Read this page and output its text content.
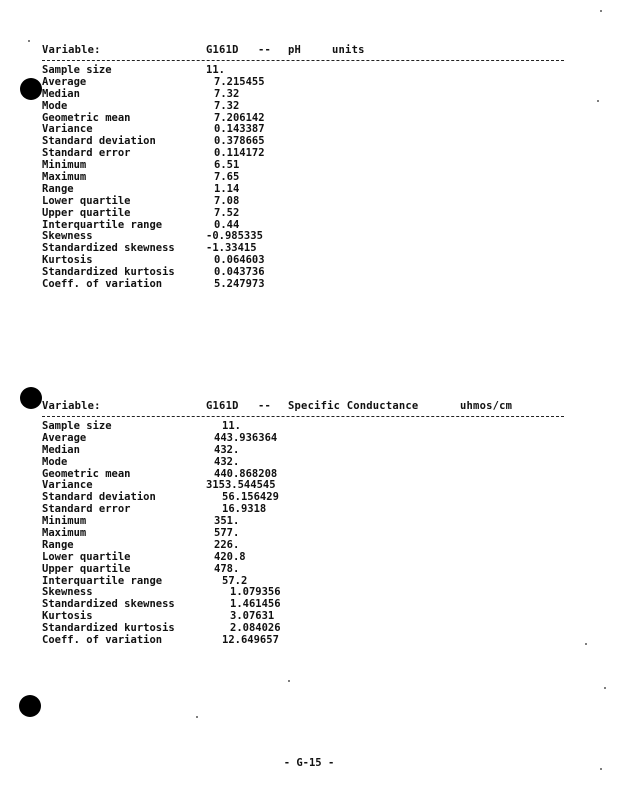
Variable:	G161D -- pH	units
Sample size	11.
Average	7.215455
Median	7.32
Mode	7.32
Geometric mean	7.206142
Variance	0.143387
Standard deviation	0.378665
Standard error	0.114172
Minimum	6.51
Maximum	7.65
Range	1.14
Lower quartile	7.08
Upper quartile	7.52
Interquartile range	0.44
Skewness	-0.985335
Standardized skewness	-1.33415
Kurtosis	0.064603
Standardized kurtosis	0.043736
Coeff. of variation	5.247973
Variable:	G161D -- Specific Conductance	uhmos/cm
Sample size	11.
Average	443.936364
Median	432.
Mode	432.
Geometric mean	440.868208
Variance	3153.544545
Standard deviation	56.156429
Standard error	16.9318
Minimum	351.
Maximum	577.
Range	226.
Lower quartile	420.8
Upper quartile	478.
Interquartile range	57.2
Skewness	1.079356
Standardized skewness	1.461456
Kurtosis	3.07631
Standardized kurtosis	2.084026
Coeff. of variation	12.649657
- G-15 -
